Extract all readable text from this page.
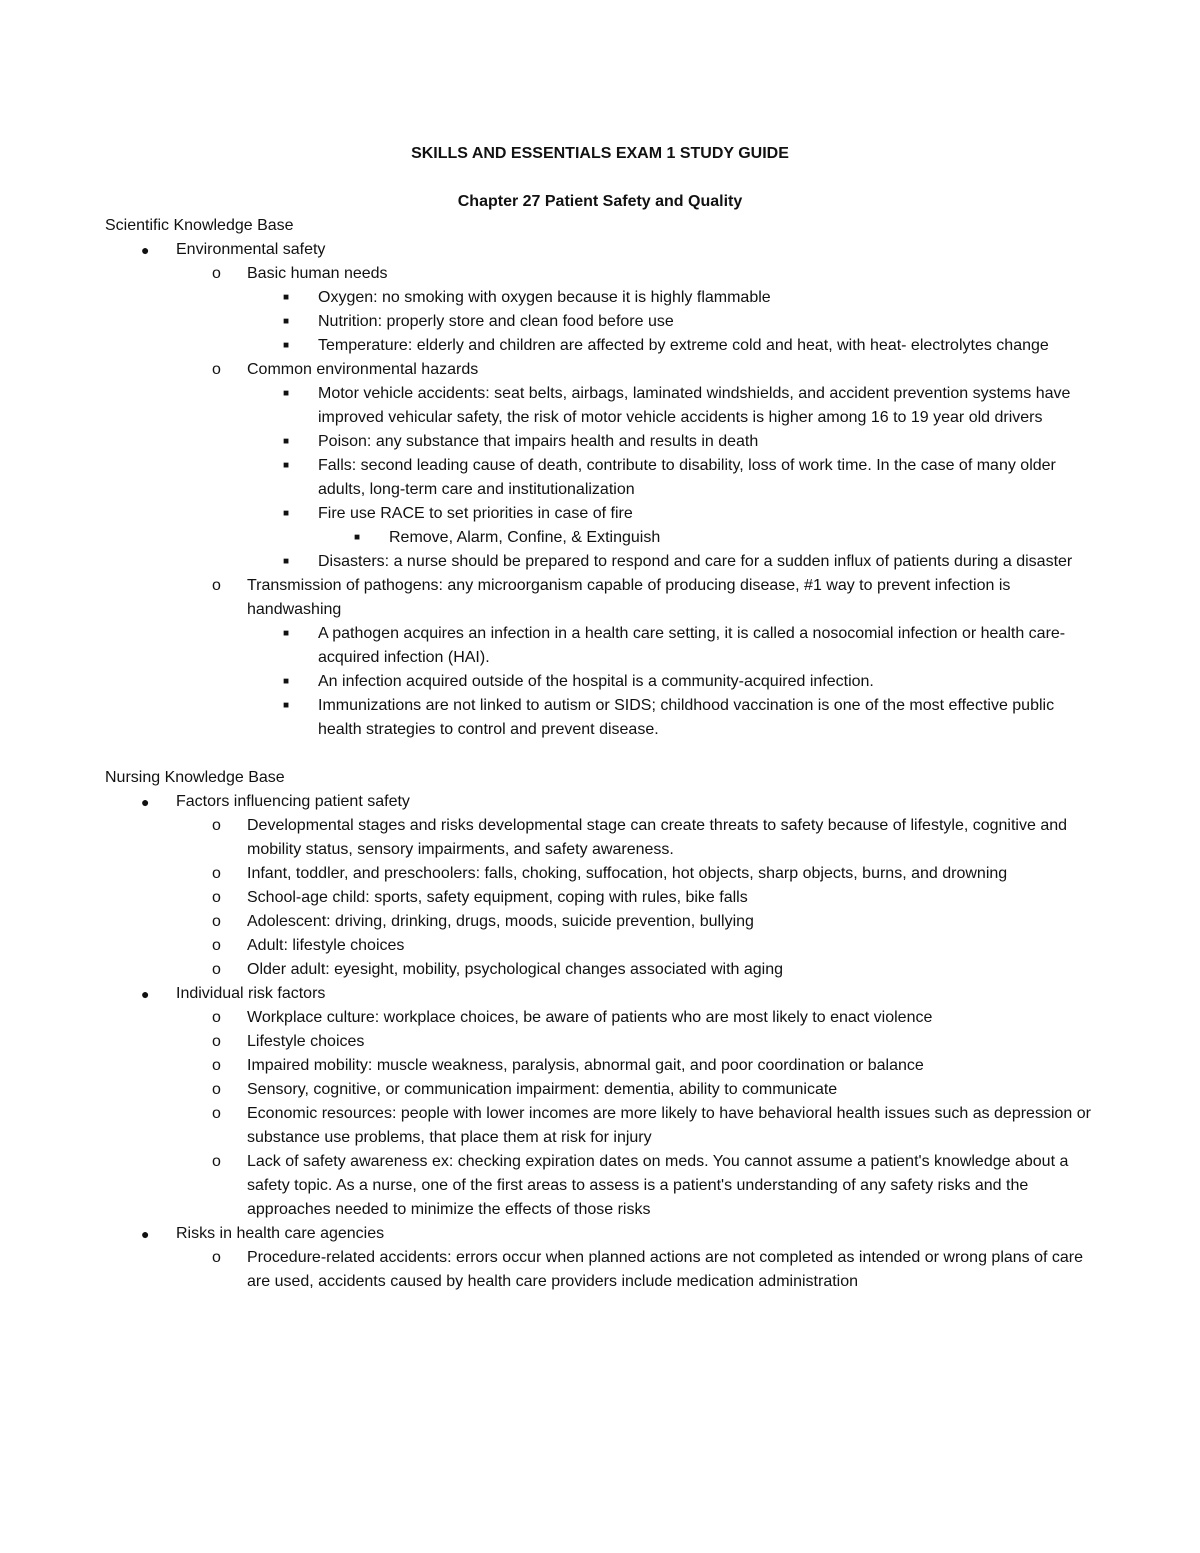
SKILLS AND ESSENTIALS EXAM 1 STUDY GUIDE
Chapter 27 Patient Safety and Quality
Scientific Knowledge Base
●	Environmental safety
o	Basic human needs
■	Oxygen: no smoking with oxygen because it is highly flammable
■	Nutrition: properly store and clean food before use
■	Temperature: elderly and children are affected by extreme cold and heat, with heat- electrolytes change
o	Common environmental hazards
■	Motor vehicle accidents: seat belts, airbags, laminated windshields, and accident prevention systems have improved vehicular safety, the risk of motor vehicle accidents is higher among 16 to 19 year old drivers
■	Poison: any substance that impairs health and results in death
■	Falls: second leading cause of death, contribute to disability, loss of work time. In the case of many older adults, long-term care and institutionalization
■	Fire use RACE to set priorities in case of fire
■	Remove, Alarm, Confine, & Extinguish
■	Disasters: a nurse should be prepared to respond and care for a sudden influx of patients during a disaster
o	Transmission of pathogens: any microorganism capable of producing disease, #1 way to prevent infection is handwashing
■	A pathogen acquires an infection in a health care setting, it is called a nosocomial infection or health care-acquired infection (HAI).
■	An infection acquired outside of the hospital is a community-acquired infection.
■	Immunizations are not linked to autism or SIDS; childhood vaccination is one of the most effective public health strategies to control and prevent disease.
Nursing Knowledge Base
●	Factors influencing patient safety
o	Developmental stages and risks developmental stage can create threats to safety because of lifestyle, cognitive and mobility status, sensory impairments, and safety awareness.
o	Infant, toddler, and preschoolers: falls, choking, suffocation, hot objects, sharp objects, burns, and drowning
o	School-age child: sports, safety equipment, coping with rules, bike falls
o	Adolescent: driving, drinking, drugs, moods, suicide prevention, bullying
o	Adult: lifestyle choices
o	Older adult: eyesight, mobility, psychological changes associated with aging
●	Individual risk factors
o	Workplace culture: workplace choices, be aware of patients who are most likely to enact violence
o	Lifestyle choices
o	Impaired mobility: muscle weakness, paralysis, abnormal gait, and poor coordination or balance
o	Sensory, cognitive, or communication impairment: dementia, ability to communicate
o	Economic resources: people with lower incomes are more likely to have behavioral health issues such as depression or substance use problems, that place them at risk for injury
o	Lack of safety awareness ex: checking expiration dates on meds. You cannot assume a patient's knowledge about a safety topic. As a nurse, one of the first areas to assess is a patient's understanding of any safety risks and the approaches needed to minimize the effects of those risks
●	Risks in health care agencies
o	Procedure-related accidents: errors occur when planned actions are not completed as intended or wrong plans of care are used, accidents caused by health care providers include medication administration
